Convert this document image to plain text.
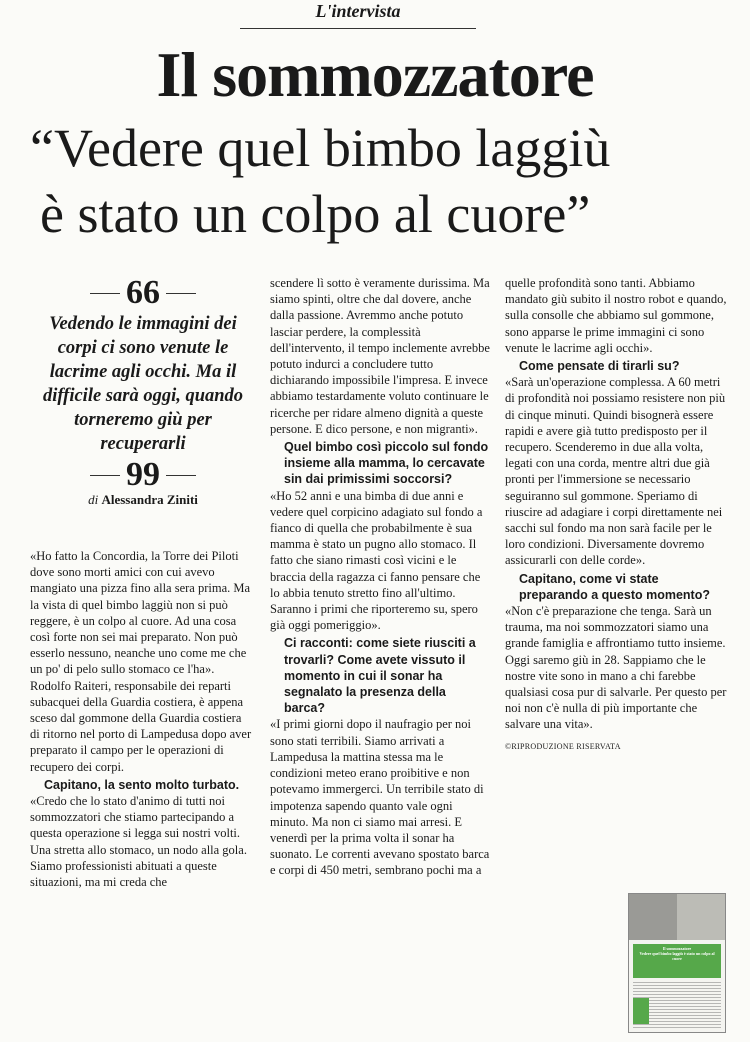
L'intervista
Il sommozzatore
“Vedere quel bimbo laggiù
è stato un colpo al cuore”
66

Vedendo le immagini dei corpi ci sono venute le lacrime agli occhi. Ma il difficile sarà oggi, quando torneremo giù per recuperarli

99
di Alessandra Ziniti

«Ho fatto la Concordia, la Torre dei Piloti dove sono morti amici con cui avevo mangiato una pizza fino alla sera prima. Ma la vista di quel bimbo laggiù non si può reggere, è un colpo al cuore. Ad una cosa così forte non sei mai preparato. Non può esserlo nessuno, neanche uno come me che un po' di pelo sullo stomaco ce l'ha».

Rodolfo Raiteri, responsabile dei reparti subacquei della Guardia costiera, è appena sceso dal gommone della Guardia costiera di ritorno nel porto di Lampedusa dopo aver preparato il campo per le operazioni di recupero dei corpi.

Capitano, la sento molto turbato.

«Credo che lo stato d'animo di tutti noi sommozzatori che stiamo partecipando a questa operazione si legga sui nostri volti. Una stretta allo stomaco, un nodo alla gola. Siamo professionisti abituati a queste situazioni, ma mi creda che

scendere lì sotto è veramente durissima. Ma siamo spinti, oltre che dal dovere, anche dalla passione. Avremmo anche potuto lasciar perdere, la complessità dell'intervento, il tempo inclemente avrebbe potuto indurci a concludere tutto dichiarando impossibile l'impresa. E invece abbiamo testardamente voluto continuare le ricerche per ridare almeno dignità a queste persone. E dico persone, e non migranti».

Quel bimbo così piccolo sul fondo insieme alla mamma, lo cercavate sin dai primissimi soccorsi?

«Ho 52 anni e una bimba di due anni e vedere quel corpicino adagiato sul fondo a fianco di quella che probabilmente è sua mamma è stato un pugno allo stomaco. Il fatto che siano rimasti così vicini e le braccia della ragazza ci fanno pensare che lo abbia tenuto stretto fino all'ultimo. Saranno i primi che riporteremo su, spero già oggi pomeriggio».

Ci racconti: come siete riusciti a trovarli? Come avete vissuto il momento in cui il sonar ha segnalato la presenza della barca?

«I primi giorni dopo il naufragio per noi sono stati terribili. Siamo arrivati a Lampedusa la mattina stessa ma le condizioni meteo erano proibitive e non potevamo immergerci. Un terribile stato di impotenza sapendo quanto vale ogni minuto. Ma non ci siamo mai arresi. E venerdì per la prima volta il sonar ha suonato. Le correnti avevano spostato barca e corpi di 450 metri, sembrano pochi ma a

quelle profondità sono tanti. Abbiamo mandato giù subito il nostro robot e quando, sulla consolle che abbiamo sul gommone, sono apparse le prime immagini ci sono venute le lacrime agli occhi».

Come pensate di tirarli su?

«Sarà un'operazione complessa. A 60 metri di profondità noi possiamo resistere non più di cinque minuti. Quindi bisognerà essere rapidi e avere già tutto predisposto per il recupero. Scenderemo in due alla volta, legati con una corda, mentre altri due già pronti per l'immersione se necessario seguiranno sul gommone. Speriamo di riuscire ad adagiare i corpi direttamente nei sacchi sul fondo ma non sarà facile per le loro condizioni. Diversamente dovremo assicurarli con delle corde».

Capitano, come vi state preparando a questo momento?

«Non c'è preparazione che tenga. Sarà un trauma, ma noi sommozzatori siamo una grande famiglia e affrontiamo tutto insieme. Oggi saremo giù in 28. Sappiamo che le nostre vite sono in mano a chi farebbe qualsiasi cosa pur di salvarle. Per questo per noi non c'è nulla di più importante che salvare una vita».

©RIPRODUZIONE RISERVATA

Il sommozzatore
Vedere quel bimbo laggiù è stato un colpo al cuore
